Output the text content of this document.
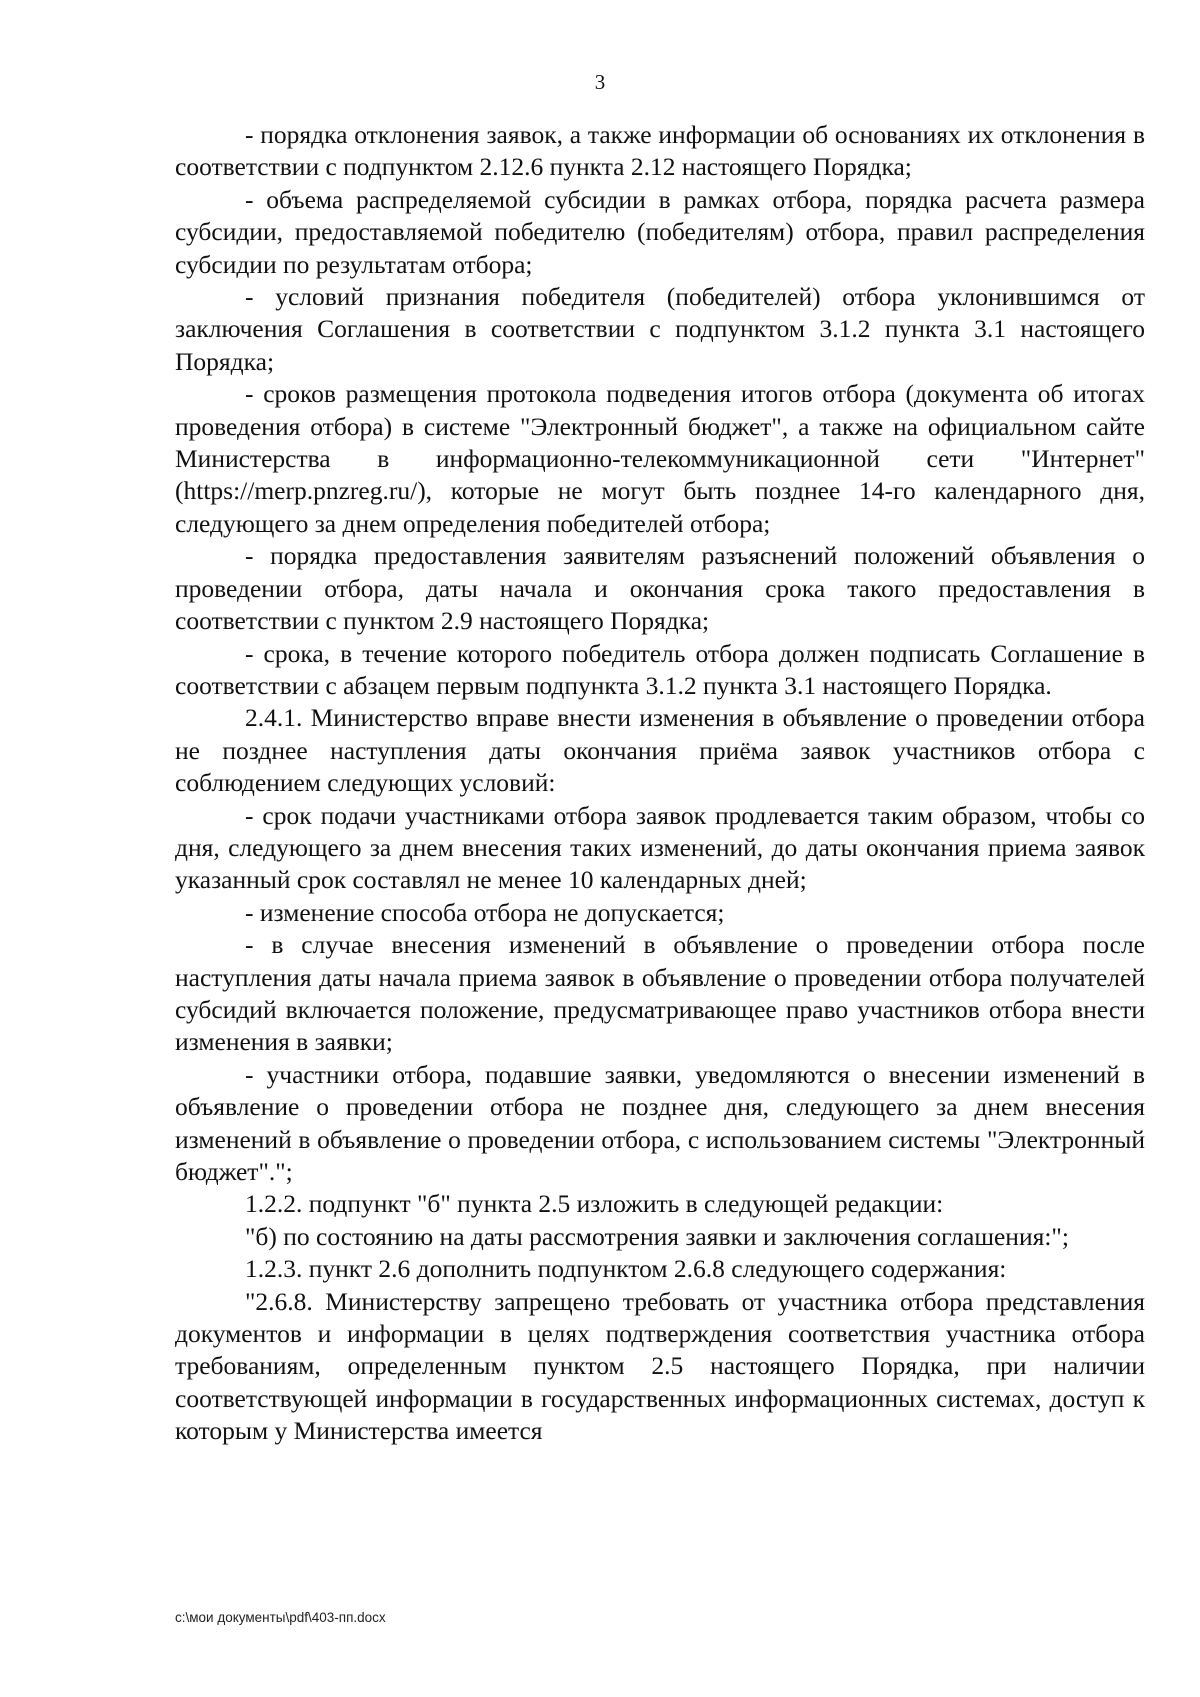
3

- порядка отклонения заявок, а также информации об основаниях их отклонения в соответствии с подпунктом 2.12.6 пункта 2.12 настоящего Порядка;

- объема распределяемой субсидии в рамках отбора, порядка расчета размера субсидии, предоставляемой победителю (победителям) отбора, правил распределения субсидии по результатам отбора;

- условий признания победителя (победителей) отбора уклонившимся от заключения Соглашения в соответствии с подпунктом 3.1.2 пункта 3.1 настоящего Порядка;

- сроков размещения протокола подведения итогов отбора (документа об итогах проведения отбора) в системе "Электронный бюджет", а также на официальном сайте Министерства в информационно-телекоммуникационной сети "Интернет" (https://merp.pnzreg.ru/), которые не могут быть позднее 14-го календарного дня, следующего за днем определения победителей отбора;

- порядка предоставления заявителям разъяснений положений объявления о проведении отбора, даты начала и окончания срока такого предоставления в соответствии с пунктом 2.9 настоящего Порядка;

- срока, в течение которого победитель отбора должен подписать Соглашение в соответствии с абзацем первым подпункта 3.1.2 пункта 3.1 настоящего Порядка.

2.4.1. Министерство вправе внести изменения в объявление о проведении отбора не позднее наступления даты окончания приёма заявок участников отбора с соблюдением следующих условий:

- срок подачи участниками отбора заявок продлевается таким образом, чтобы со дня, следующего за днем внесения таких изменений, до даты окончания приема заявок указанный срок составлял не менее 10 календарных дней;

- изменение способа отбора не допускается;

- в случае внесения изменений в объявление о проведении отбора после наступления даты начала приема заявок в объявление о проведении отбора получателей субсидий включается положение, предусматривающее право участников отбора внести изменения в заявки;

- участники отбора, подавшие заявки, уведомляются о внесении изменений в объявление о проведении отбора не позднее дня, следующего за днем внесения изменений в объявление о проведении отбора, с использованием системы "Электронный бюджет".";

1.2.2. подпункт "б" пункта 2.5 изложить в следующей редакции:

"б) по состоянию на даты рассмотрения заявки и заключения соглашения:";

1.2.3. пункт 2.6 дополнить подпунктом 2.6.8 следующего содержания:

"2.6.8. Министерству запрещено требовать от участника отбора представления документов и информации в целях подтверждения соответствия участника отбора требованиям, определенным пунктом 2.5 настоящего Порядка, при наличии соответствующей информации в государственных информационных системах, доступ к которым у Министерства имеется

c:\мои документы\pdf\403-пп.docx
